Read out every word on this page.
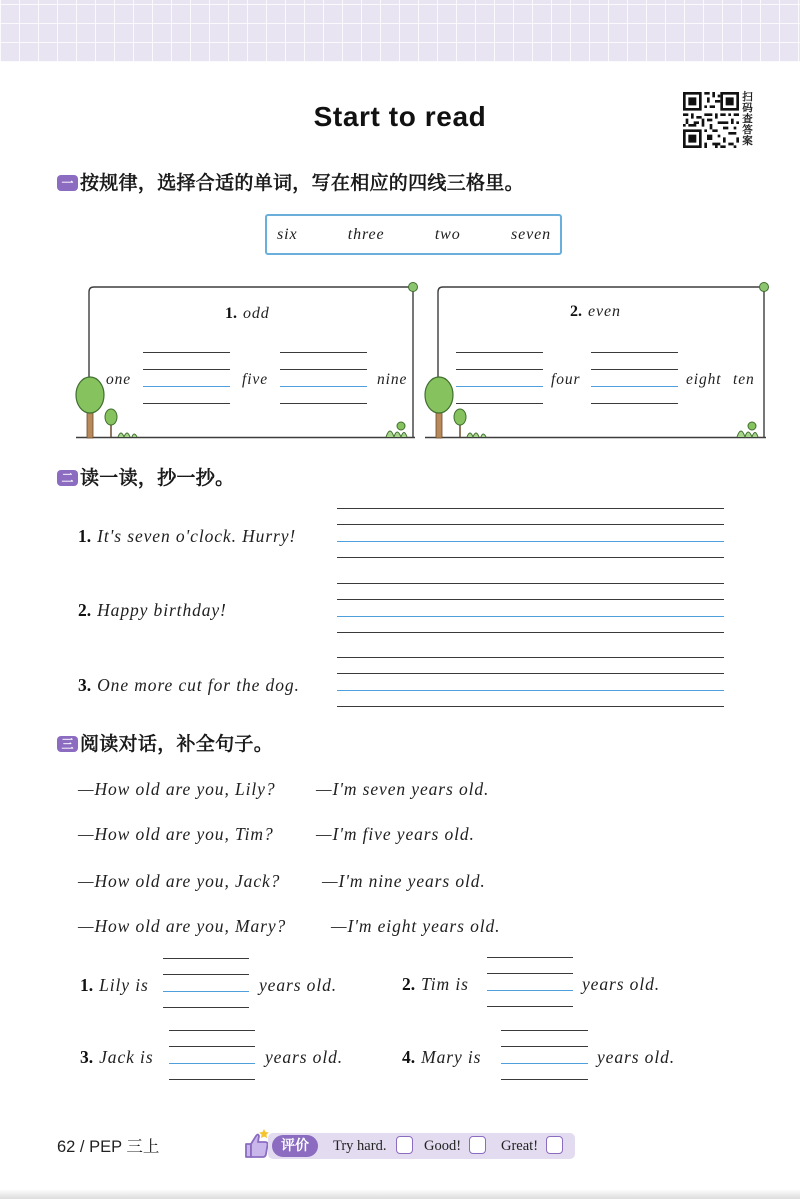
Start to read	扫码查答案
一 按规律，选择合适的单词，写在相应的四线三格里。
six	three	two	seven
1. odd
one	five	nine
2. even
four	eight ten
二 读一读，抄一抄。
1. It's seven o'clock. Hurry!
2. Happy birthday!
3. One more cut for the dog.
三 阅读对话，补全句子。
—How old are you, Lily? —I'm seven years old.
—How old are you, Tim? —I'm five years old.
—How old are you, Jack? —I'm nine years old.
—How old are you, Mary?	—I'm eight years old.
1. Lily is	years old.	2. Tim is	years old.
3. Jack is	years old.	4. Mary is	years old.
62 / PEP 三上	评价	Try hard.	Good!	Great!
